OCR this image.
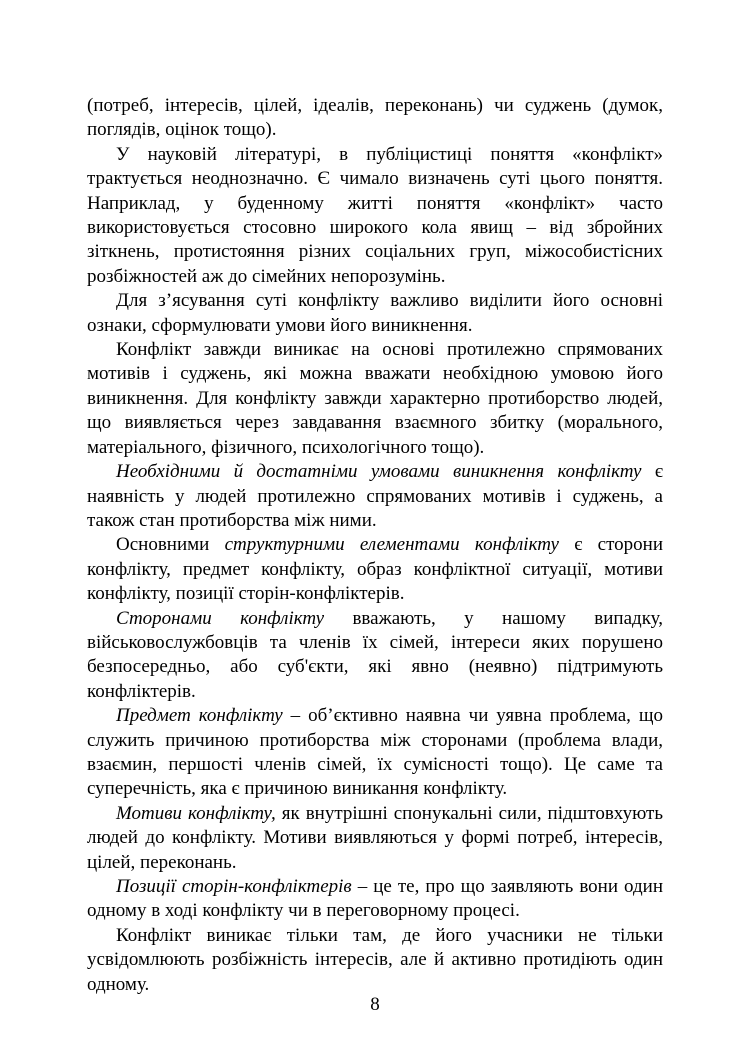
(потреб, інтересів, цілей, ідеалів, переконань) чи суджень (думок, поглядів, оцінок тощо).

У науковій літературі, в публіцистиці поняття «конфлікт» трактується неоднозначно. Є чимало визначень суті цього поняття. Наприклад, у буденному житті поняття «конфлікт» часто використовується стосовно широкого кола явищ – від збройних зіткнень, протистояння різних соціальних груп, міжособистісних розбіжностей аж до сімейних непорозумінь.

Для з’ясування суті конфлікту важливо виділити його основні ознаки, сформулювати умови його виникнення.

Конфлікт завжди виникає на основі протилежно спрямованих мотивів і суджень, які можна вважати необхідною умовою його виникнення. Для конфлікту завжди характерно протиборство людей, що виявляється через завдавання взаємного збитку (морального, матеріального, фізичного, психологічного тощо).

Необхідними й достатніми умовами виникнення конфлікту є наявність у людей протилежно спрямованих мотивів і суджень, а також стан протиборства між ними.

Основними структурними елементами конфлікту є сторони конфлікту, предмет конфлікту, образ конфліктної ситуації, мотиви конфлікту, позиції сторін-конфліктерів.

Сторонами конфлікту вважають, у нашому випадку, військовослужбовців та членів їх сімей, інтереси яких порушено безпосередньо, або суб'єкти, які явно (неявно) підтримують конфліктерів.

Предмет конфлікту – об’єктивно наявна чи уявна проблема, що служить причиною протиборства між сторонами (проблема влади, взаємин, першості членів сімей, їх сумісності тощо). Це саме та суперечність, яка є причиною виникання конфлікту.

Мотиви конфлікту, як внутрішні спонукальні сили, підштовхують людей до конфлікту. Мотиви виявляються у формі потреб, інтересів, цілей, переконань.

Позиції сторін-конфліктерів – це те, про що заявляють вони один одному в ході конфлікту чи в переговорному процесі.

Конфлікт виникає тільки там, де його учасники не тільки усвідомлюють розбіжність інтересів, але й активно протидіють один одному.

8
